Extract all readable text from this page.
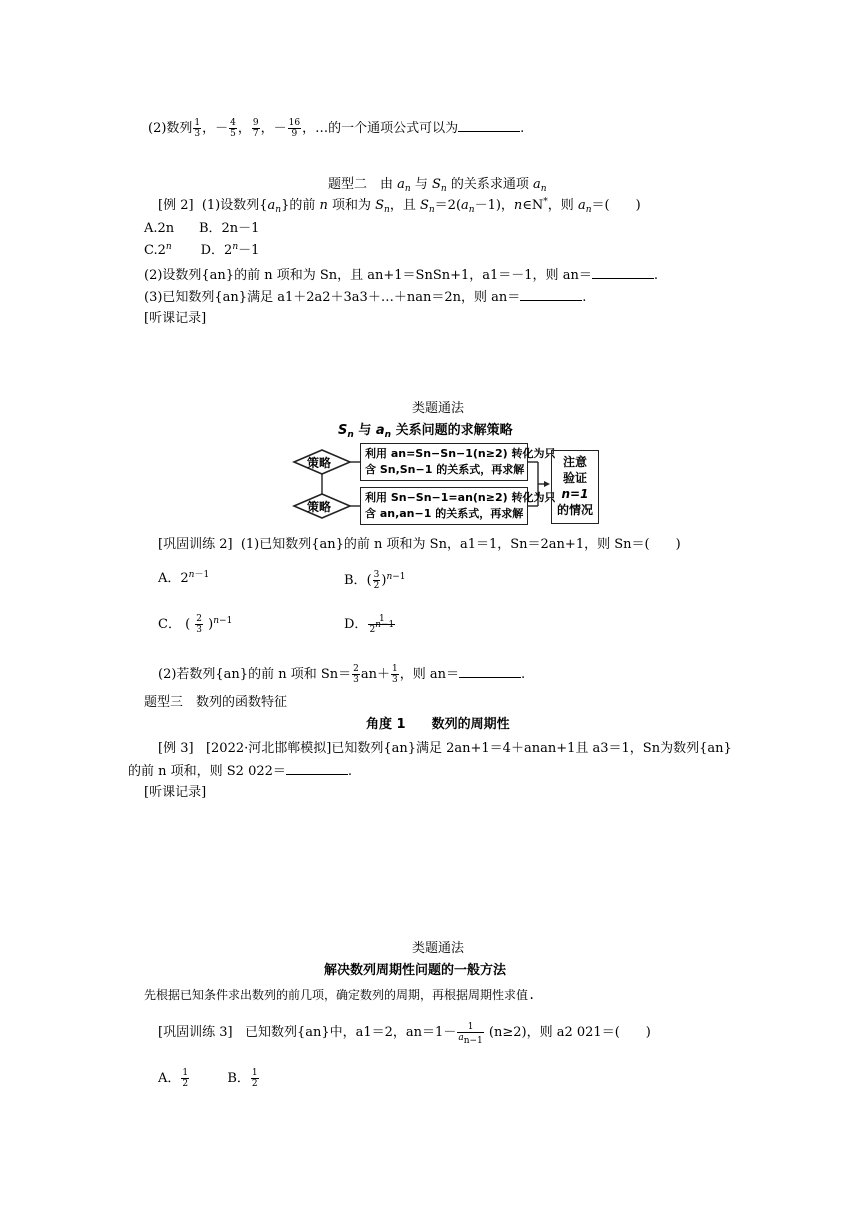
(2)数列 $\frac{1}{3}$ ，－ $\frac{4}{5}$ ， $\frac{9}{7}$ ，－ $\frac{16}{9}$ ，…的一个通项公式可以为	.
题型二　由 $a_n$ 与 $S_n$ 的关系求通项 $a_n$
[例 2] (1)设数列$\{a_n\}$的前 n 项和为 $S_n$，且 $S_n=2(a_n-1)$，n∈N*，则 $a_n=$( )
A.2n B．2n－1
C.2$^n$ D．$2^n-1$
(2)设数列{an}的前 n 项和为 Sn，且 an+1＝SnSn+1，a1＝－1，则 an＝	.
(3)已知数列{an}满足 a1＋2a2＋3a3＋…＋nan＝2n，则 an＝	.
[听课记录]
类题通法
$S_n$ 与 $a_n$ 关系问题的求解策略
策略
策略
利用 an=Sn−Sn−1(n≥2) 转化为只
含 Sn,Sn−1 的关系式，再求解
利用 Sn−Sn−1=an(n≥2) 转化为只
含 an,an−1 的关系式，再求解
注意
验证
n=1
的情况
[巩固训练 2] (1)已知数列{an}的前 n 项和为 Sn，a1＝1，Sn＝2an+1，则 Sn＝( )
A．$2^{n-1}$	B．( $\frac{3}{2} )^{n-1}$
C． ( $\frac{2}{3} )^{n-1}$	D． $\frac{1}{2^{n-1}}$
(2)若数列{an}的前 n 项和 $Sn= \frac{2}{3} an+ \frac{1}{3}$ ，则 an＝	.
题型三　数列的函数特征
角度 1　　数列的周期性
[例 3] [2022·河北邯郸模拟]已知数列{an}满足 2an+1＝4＋anan+1且 a3＝1，Sn为数列{an}
的前 n 项和，则 S2 022＝	.
[听课记录]
类题通法
解决数列周期性问题的一般方法
先根据已知条件求出数列的前几项，确定数列的周期，再根据周期性求值.
[巩固训练 3] 已知数列{an}中，a1＝2，$an=1- \frac{1}{a_{n-1}} (n\ge 2)$，则 a2 021＝( )
A． $\frac{1}{2}$	B． $\frac{1}{2}$
